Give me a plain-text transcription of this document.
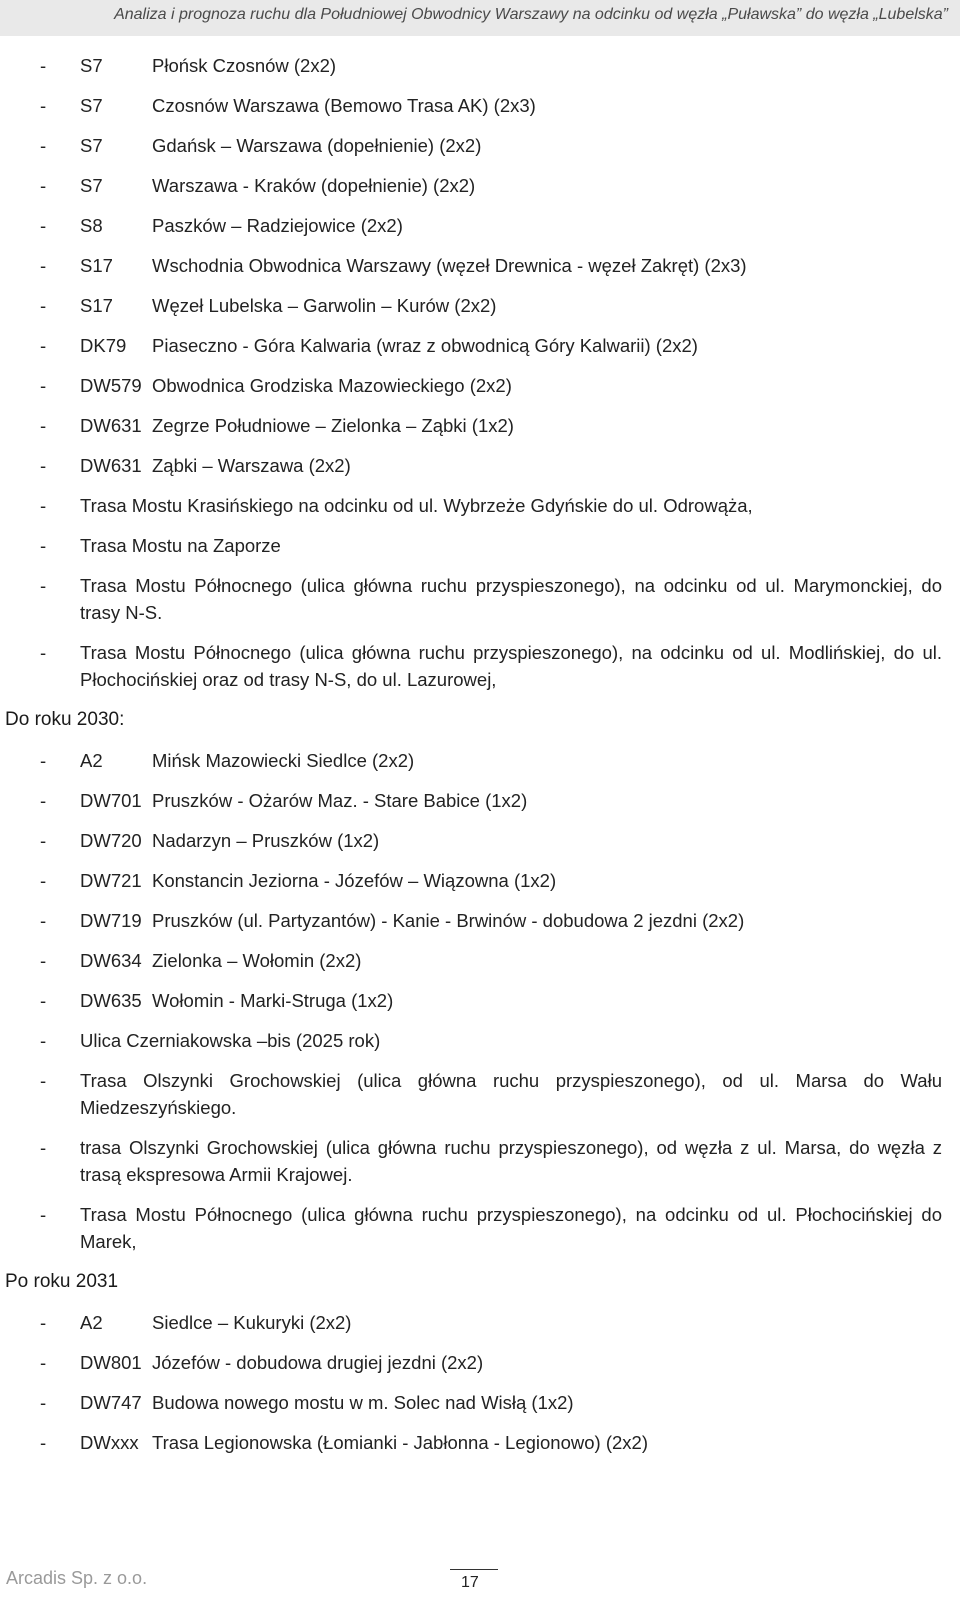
Analiza i prognoza ruchu dla Południowej Obwodnicy Warszawy na odcinku od węzła „Puławska” do węzła „Lubelska”
- S7	Płońsk Czosnów (2x2)
- S7	Czosnów Warszawa (Bemowo Trasa AK) (2x3)
- S7	Gdańsk – Warszawa (dopełnienie) (2x2)
- S7	Warszawa - Kraków (dopełnienie) (2x2)
- S8	Paszków – Radziejowice (2x2)
- S17 Wschodnia Obwodnica Warszawy (węzeł Drewnica - węzeł Zakręt) (2x3)
- S17 Węzeł Lubelska – Garwolin – Kurów (2x2)
- DK79 Piaseczno - Góra Kalwaria (wraz z obwodnicą Góry Kalwarii) (2x2)
- DW579 Obwodnica Grodziska Mazowieckiego (2x2)
- DW631 Zegrze Południowe – Zielonka – Ząbki (1x2)
- DW631 Ząbki – Warszawa (2x2)
- Trasa Mostu Krasińskiego na odcinku od ul. Wybrzeże Gdyńskie do ul. Odrowąża,
- Trasa Mostu na Zaporze
- Trasa Mostu Północnego (ulica główna ruchu przyspieszonego), na odcinku od ul. Marymonckiej, do trasy N-S.
- Trasa Mostu Północnego (ulica główna ruchu przyspieszonego), na odcinku od ul. Modlińskiej, do ul. Płochocińskiej oraz od trasy N-S, do ul. Lazurowej,
Do roku 2030:
- A2	Mińsk Mazowiecki Siedlce (2x2)
- DW701 Pruszków - Ożarów Maz. - Stare Babice (1x2)
- DW720 Nadarzyn – Pruszków (1x2)
- DW721 Konstancin Jeziorna - Józefów – Wiązowna (1x2)
- DW719 Pruszków (ul. Partyzantów) - Kanie - Brwinów - dobudowa 2 jezdni (2x2)
- DW634 Zielonka – Wołomin (2x2)
- DW635 Wołomin - Marki-Struga (1x2)
- Ulica Czerniakowska –bis (2025 rok)
- Trasa Olszynki Grochowskiej (ulica główna ruchu przyspieszonego), od ul. Marsa do Wału Miedzeszyńskiego.
- trasa Olszynki Grochowskiej (ulica główna ruchu przyspieszonego), od węzła z ul. Marsa, do węzła z trasą ekspresowa Armii Krajowej.
- Trasa Mostu Północnego (ulica główna ruchu przyspieszonego), na odcinku od ul. Płochocińskiej do Marek,
Po roku 2031
- A2	Siedlce – Kukuryki (2x2)
- DW801 Józefów - dobudowa drugiej jezdni (2x2)
- DW747 Budowa nowego mostu w m. Solec nad Wisłą (1x2)
- DWxxx Trasa Legionowska (Łomianki - Jabłonna - Legionowo) (2x2)
Arcadis Sp. z o.o.	17
